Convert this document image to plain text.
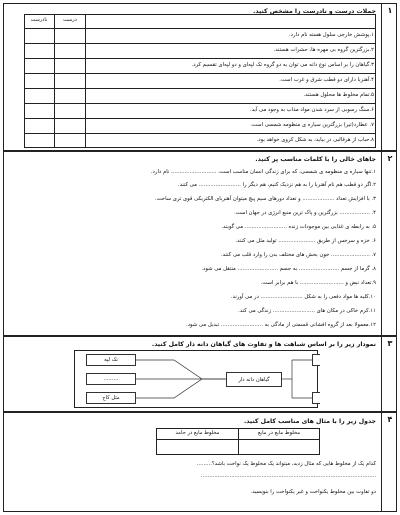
۱
جملات درست و نادرست را مشخص کنید.
درست
نادرست
۱.پوشش خارجی سلول هسته نام دارد.
۲.بزرگترین گروه بی مهره ها، حشرات هستند.
۳.گیاهان را بر اساس نوع دانه می توان به دو گروه تک لپه‌ای و دو لپه‌ای تقسیم کرد.
۴.آهنربا دارای دو قطب شرق و غرب است.
۵.تمام مخلوط ها محلول هستند.
۶.سنگ رسوبی از سرد شدن مواد مذاب به وجود می آید.
۷. عطارد(تیر) بزرگترین سیاره ی منظومه شمسی است.
۸.حباب از هرقالبی در بیاید، به شکل کروی خواهد بود.
۲
جاهای خالی را با کلمات مناسب پر کنید.
۱.تنها سیاره ی منظومه ی شمسی، که برای زندگی انسان مناسب است، ........................... نام دارد.
۲.اگر دو قطب هم نام آهنربا را به هم نزدیک کنیم، هم دیگر را ......................... می کنند.
۳. با افزایش تعداد ................... و تعداد دورهای سیم پیچ میتوان آهنربای الکتریکی قوی تری ساخت.
۴. .................. بزرگترین و پاک ترین منبع انرژی در جهان است.
۵. به رابطه ی غذایی بین موجودات زنده ......................... می گویند.
۶. خزه و سرخس از طریق ...................... تولید مثل می کنند.
۷. ....................... خون بخش های مختلف بدن را وارد قلب می کنند.
۸. گرما از جسم ........................ به جسم ........................ منتقل می شود.
۹.تعداد نبض و .......................... با هم برابر است.
۱۰.کلیه ها مواد دفعی را به شکل ......................... در می آورند.
۱۱.کرم خاکی در مکان های ......................... زندگی می کند.
۱۲.معمولا بعد از گروه افشانی قسمتی از مادگی به ......................... تبدیل می شود.
۳
نمودار زیر را بر اساس شباهت ها و تفاوت های گیاهان دانه دار کامل کنید.
تک لپه
.........
مثل کاج
گیاهان دانه دار
۴
جدول زیر را با مثال های مناسب کامل کنید.
مخلوط مایع در مایع
مخلوط مایع در جامد
کدام یک از مخلوط هایی که مثال زدید، میتواند یک مخلوط یک نواخت باشد؟.........
........................................................................................................
دو تفاوت بین مخلوط یکنواخت و غیر یکنواخت را بنویسید.
